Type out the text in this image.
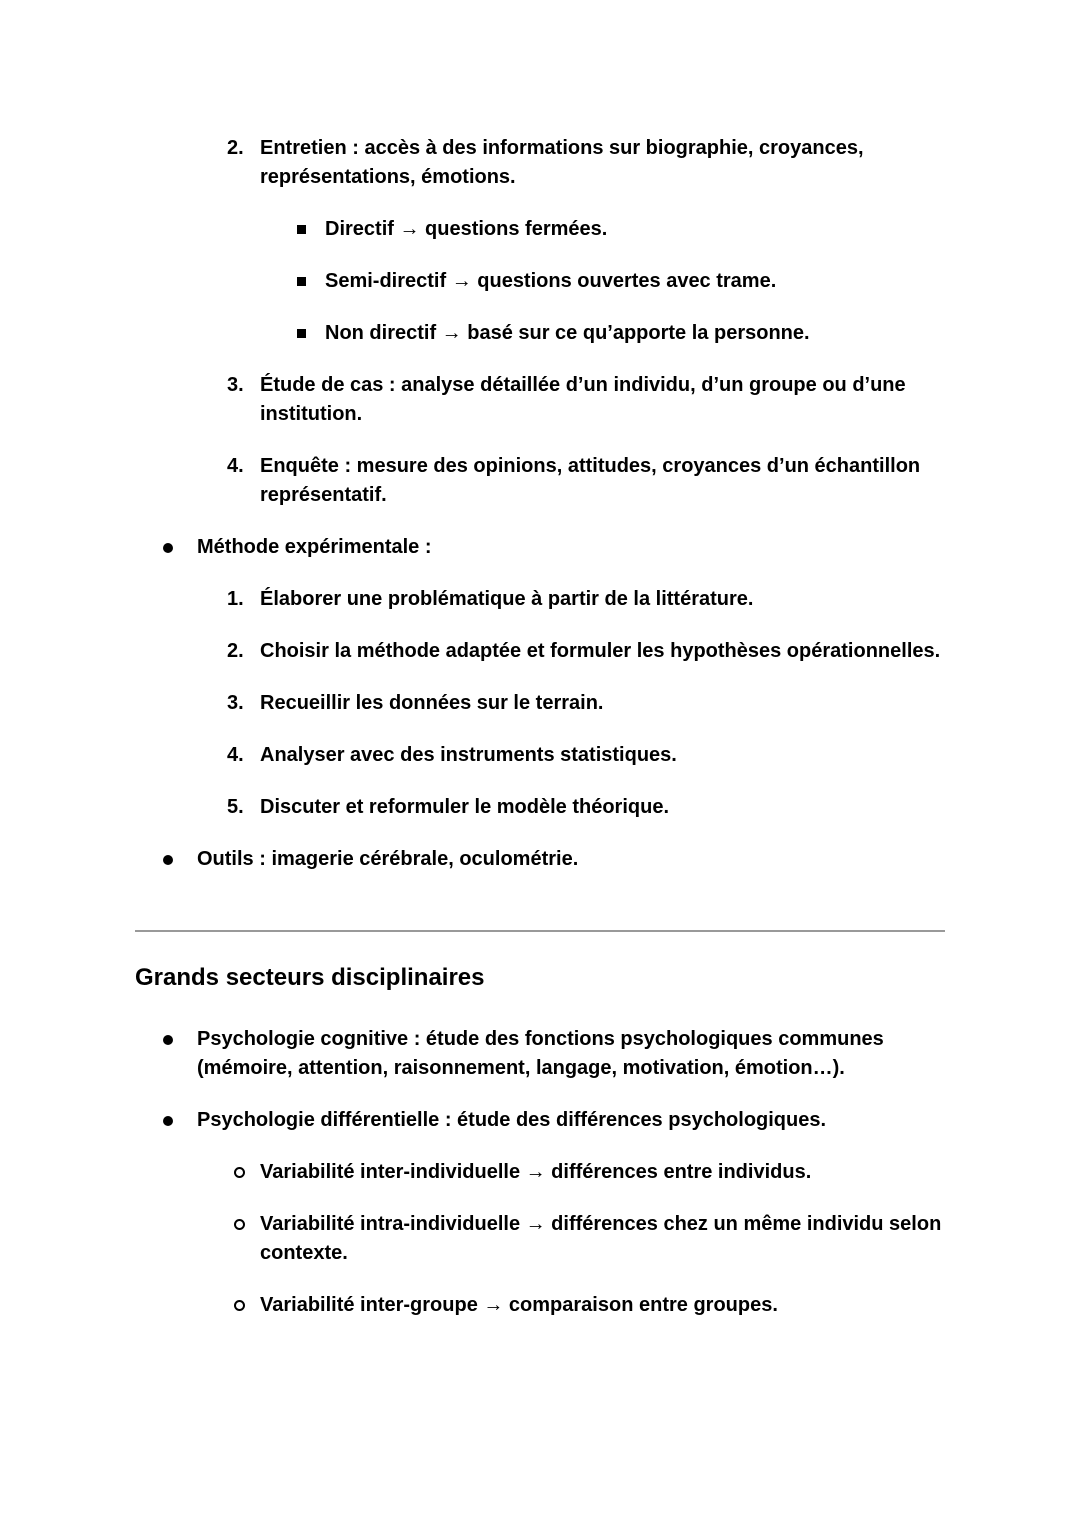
2. Entretien : accès à des informations sur biographie, croyances, représentations, émotions.
Directif → questions fermées.
Semi-directif → questions ouvertes avec trame.
Non directif → basé sur ce qu’apporte la personne.
3. Étude de cas : analyse détaillée d’un individu, d’un groupe ou d’une institution.
4. Enquête : mesure des opinions, attitudes, croyances d’un échantillon représentatif.
Méthode expérimentale :
1. Élaborer une problématique à partir de la littérature.
2. Choisir la méthode adaptée et formuler les hypothèses opérationnelles.
3. Recueillir les données sur le terrain.
4. Analyser avec des instruments statistiques.
5. Discuter et reformuler le modèle théorique.
Outils : imagerie cérébrale, oculométrie.
Grands secteurs disciplinaires
Psychologie cognitive : étude des fonctions psychologiques communes (mémoire, attention, raisonnement, langage, motivation, émotion…).
Psychologie différentielle : étude des différences psychologiques.
Variabilité inter-individuelle → différences entre individus.
Variabilité intra-individuelle → différences chez un même individu selon contexte.
Variabilité inter-groupe → comparaison entre groupes.
